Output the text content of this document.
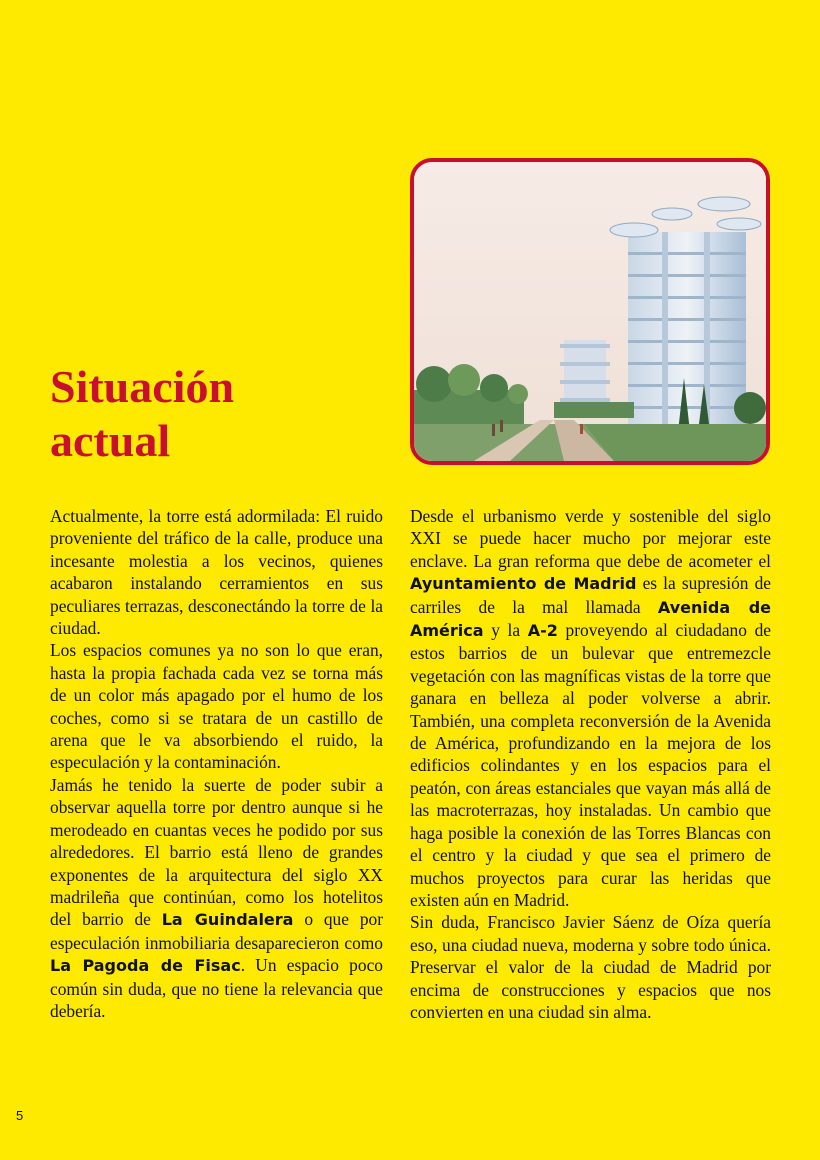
Situación
actual

Actualmente, la torre está adormilada: El ruido proveniente del tráfico de la calle, produce una incesante molestia a los vecinos, quienes acabaron instalando cerramientos en sus peculiares terrazas, desconectándo la torre de la ciudad.

Los espacios comunes ya no son lo que eran, hasta la propia fachada cada vez se torna más de un color más apagado por el humo de los coches, como si se tratara de un castillo de arena que le va absorbiendo el ruido, la especulación y la contaminación.

Jamás he tenido la suerte de poder subir a observar aquella torre por dentro aunque si he merodeado en cuantas veces he podido por sus alrededores. El barrio está lleno de grandes exponentes de la arquitectura del siglo XX madrileña que continúan, como los hotelitos del barrio de La Guindalera o que por especulación inmobiliaria desaparecieron como La Pagoda de Fisac. Un espacio poco común sin duda, que no tiene la relevancia que debería.

Desde el urbanismo verde y sostenible del siglo XXI se puede hacer mucho por mejorar este enclave. La gran reforma que debe de acometer el Ayuntamiento de Madrid es la supresión de carriles de la mal llamada Avenida de América y la A-2 proveyendo al ciudadano de estos barrios de un bulevar que entremezcle vegetación con las magníficas vistas de la torre que ganara en belleza al poder volverse a abrir. También, una completa reconversión de la Avenida de América, profundizando en la mejora de los edificios colindantes y en los espacios para el peatón, con áreas estanciales que vayan más allá de las macroterrazas, hoy instaladas. Un cambio que haga posible la conexión de las Torres Blancas con el centro y la ciudad y que sea el primero de muchos proyectos para curar las heridas que existen aún en Madrid.

Sin duda, Francisco Javier Sáenz de Oíza quería eso, una ciudad nueva, moderna y sobre todo única. Preservar el valor de la ciudad de Madrid por encima de construcciones y espacios que nos convierten en una ciudad sin alma.

5
